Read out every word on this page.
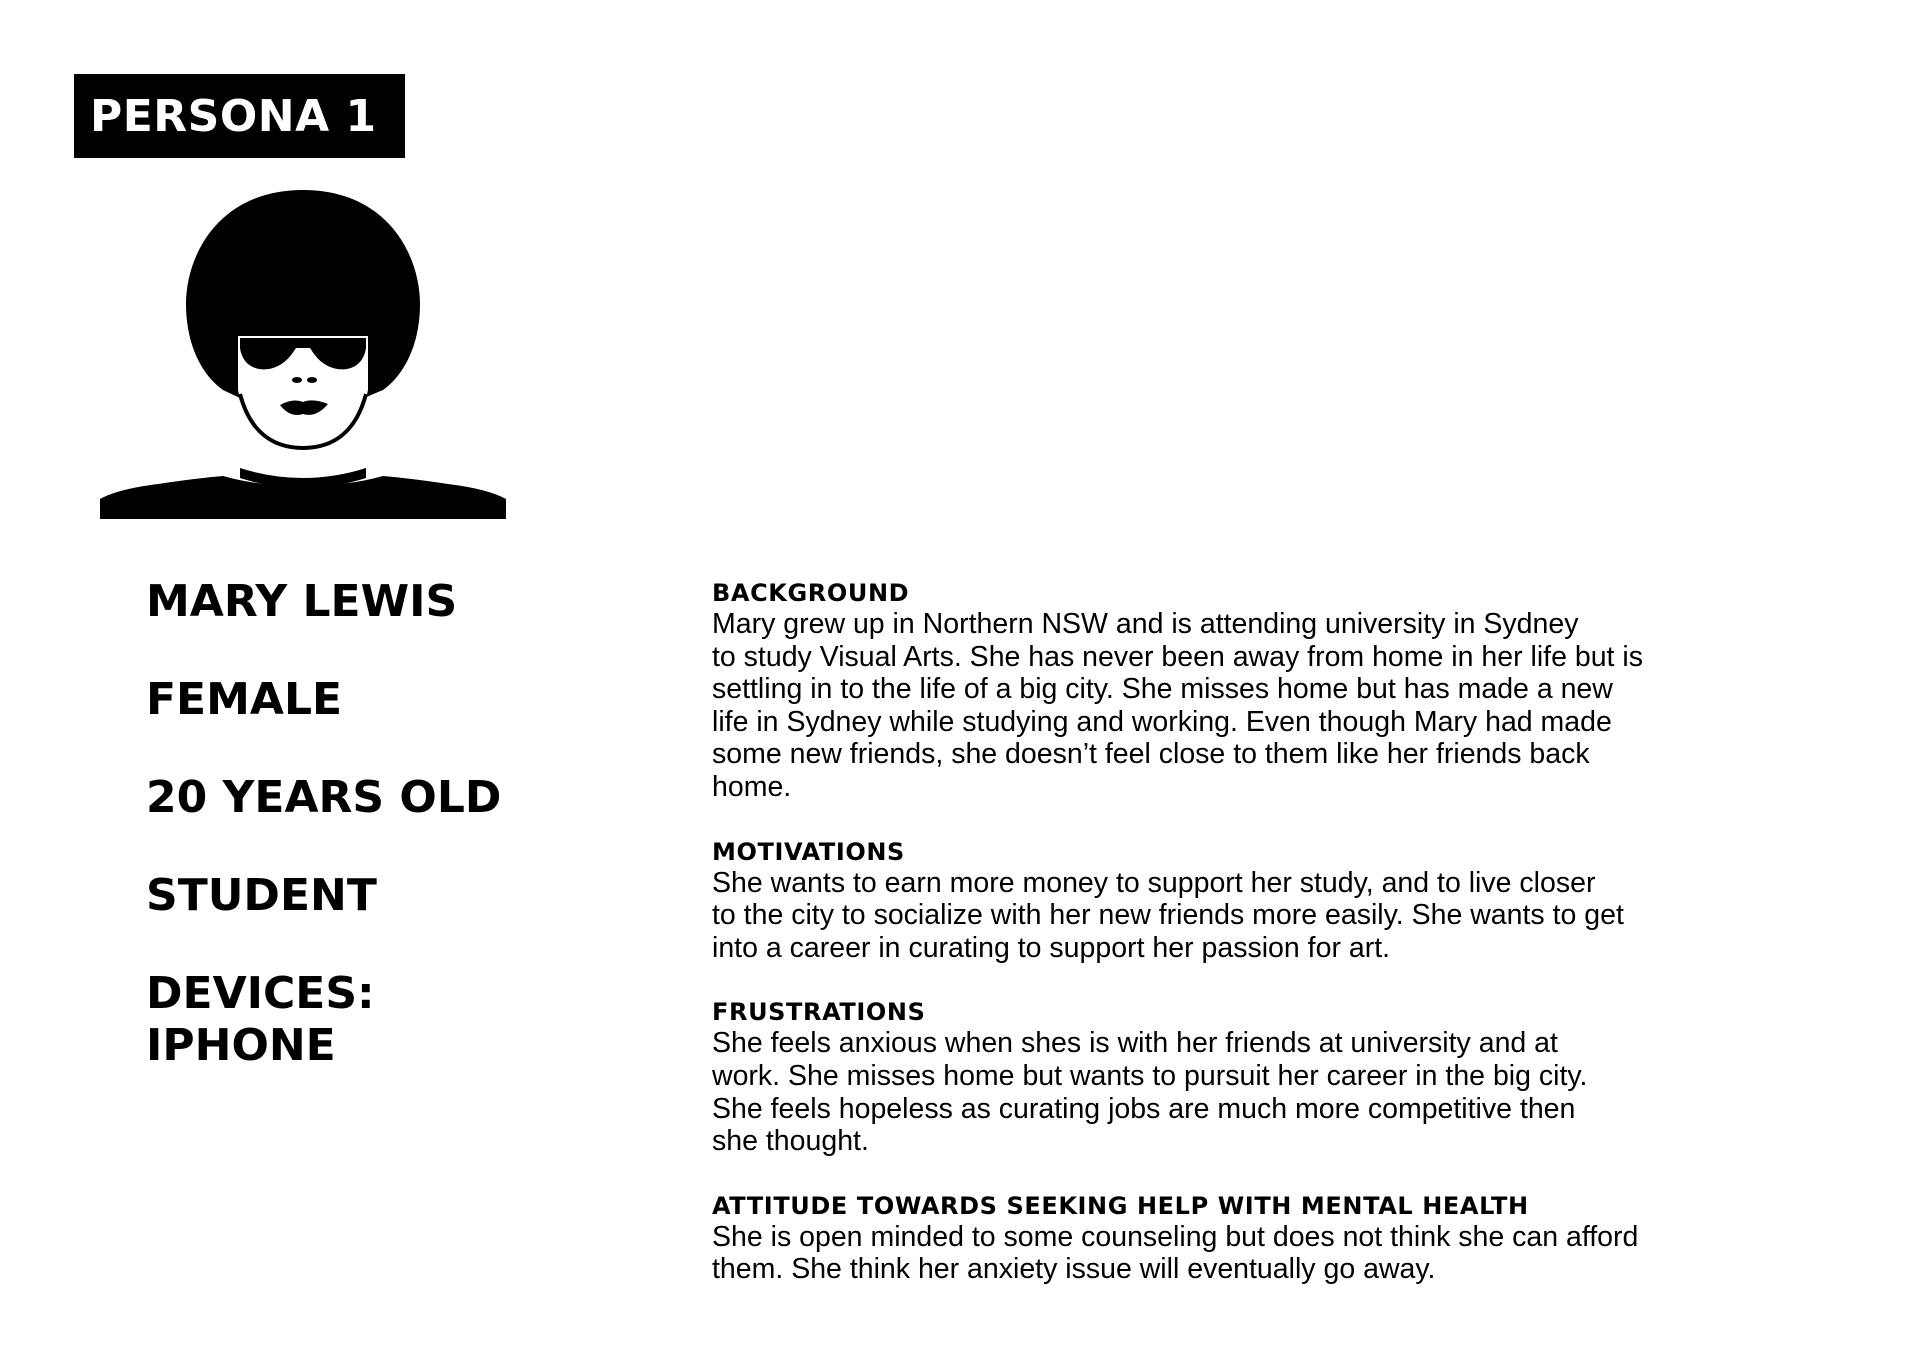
PERSONA 1
MARY LEWIS
FEMALE
20 YEARS OLD
STUDENT
DEVICES:
IPHONE
BACKGROUND
Mary grew up in Northern NSW and is attending university in Sydney
to study Visual Arts. She has never been away from home in her life but is
settling in to the life of a big city. She misses home but has made a new
life in Sydney while studying and working. Even though Mary had made
some new friends, she doesn’t feel close to them like her friends back
home.
MOTIVATIONS
She wants to earn more money to support her study, and to live closer
to the city to socialize with her new friends more easily. She wants to get
into a career in curating to support her passion for art.
FRUSTRATIONS
She feels anxious when shes is with her friends at university and at
work. She misses home but wants to pursuit her career in the big city.
She feels hopeless as curating jobs are much more competitive then
she thought.
ATTITUDE TOWARDS SEEKING HELP WITH MENTAL HEALTH
She is open minded to some counseling but does not think she can afford
them. She think her anxiety issue will eventually go away.
